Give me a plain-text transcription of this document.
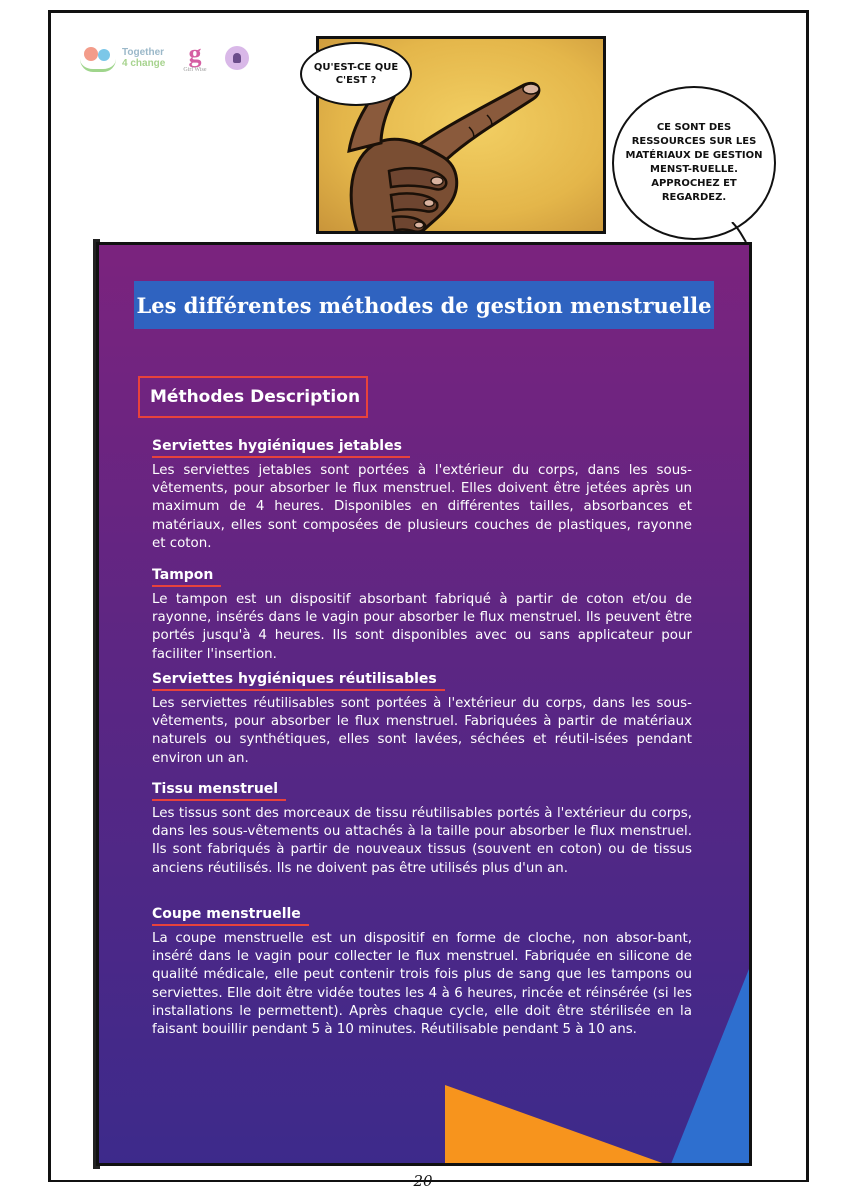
Together
4 change g
Girl Wise	QU'EST-CE QUE C'EST ?
CE SONT DES RESSOURCES SUR LES MATÉRIAUX DE GESTION MENST-RUELLE. APPROCHEZ ET REGARDEZ.
Les différentes méthodes de gestion menstruelle
Méthodes Description
Serviettes hygiéniques jetables

Les serviettes jetables sont portées à l'extérieur du corps, dans les sous-vêtements, pour absorber le flux menstruel. Elles doivent être jetées après un maximum de 4 heures. Disponibles en différentes tailles, absorbances et matériaux, elles sont composées de plusieurs couches de plastiques, rayonne et coton.

Tampon

Le tampon est un dispositif absorbant fabriqué à partir de coton et/ou de rayonne, insérés dans le vagin pour absorber le flux menstruel. Ils peuvent être portés jusqu'à 4 heures. Ils sont disponibles avec ou sans applicateur pour faciliter l'insertion.

Serviettes hygiéniques réutilisables

Les serviettes réutilisables sont portées à l'extérieur du corps, dans les sous-vêtements, pour absorber le flux menstruel. Fabriquées à partir de matériaux naturels ou synthétiques, elles sont lavées, séchées et réutil-isées pendant environ un an.

Tissu menstruel

Les tissus sont des morceaux de tissu réutilisables portés à l'extérieur du corps, dans les sous-vêtements ou attachés à la taille pour absorber le flux menstruel. Ils sont fabriqués à partir de nouveaux tissus (souvent en coton) ou de tissus anciens réutilisés. Ils ne doivent pas être utilisés plus d'un an.

Coupe menstruelle

La coupe menstruelle est un dispositif en forme de cloche, non absor-bant, inséré dans le vagin pour collecter le flux menstruel. Fabriquée en silicone de qualité médicale, elle peut contenir trois fois plus de sang que les tampons ou serviettes. Elle doit être vidée toutes les 4 à 6 heures, rincée et réinsérée (si les installations le permettent). Après chaque cycle, elle doit être stérilisée en la faisant bouillir pendant 5 à 10 minutes. Réutilisable pendant 5 à 10 ans.

20
